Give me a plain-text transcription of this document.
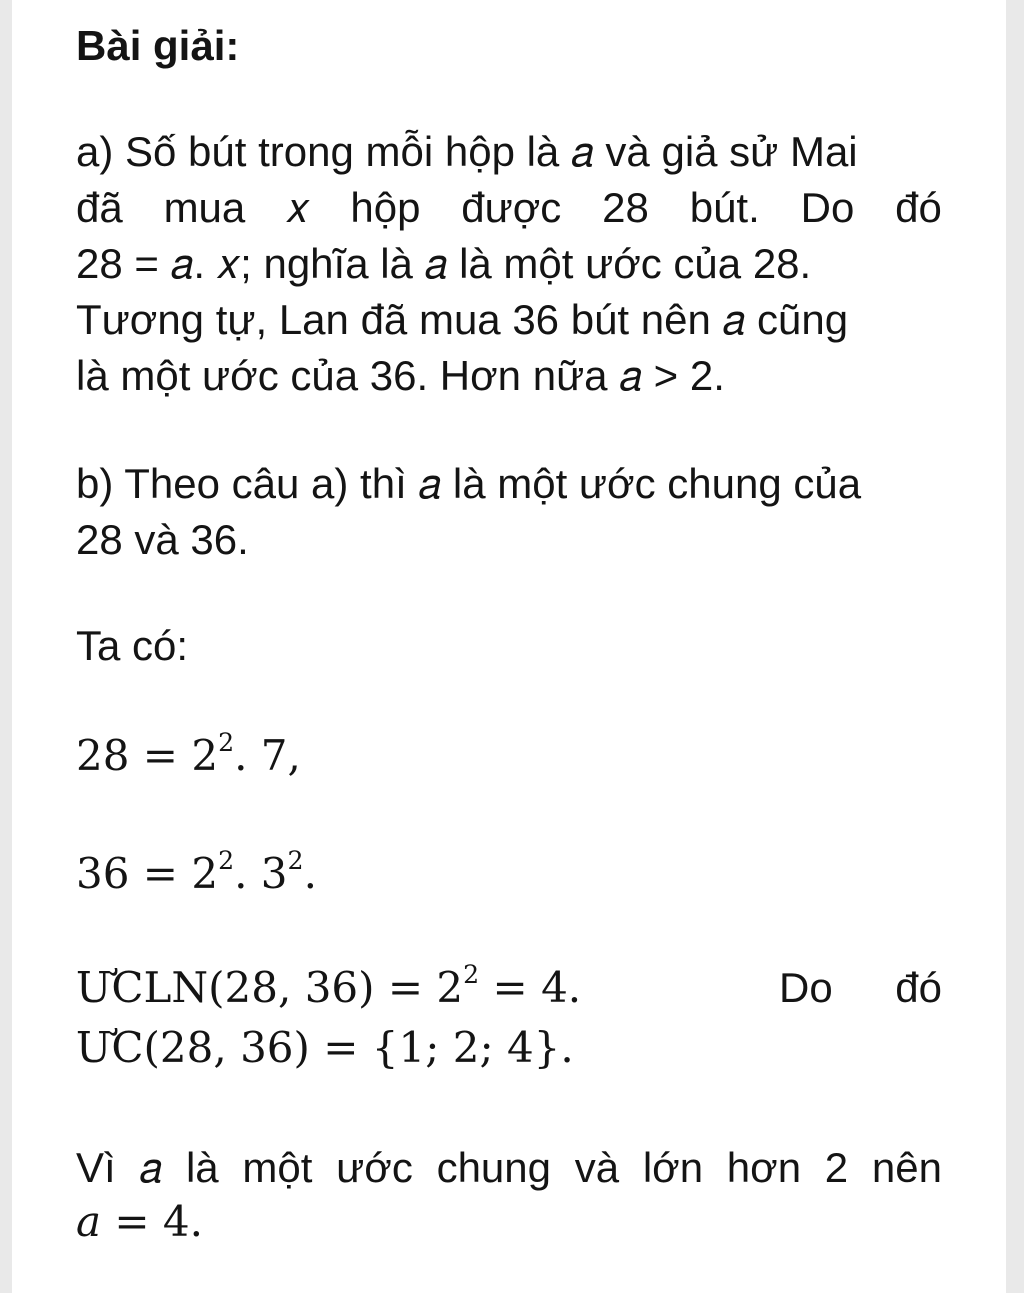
Bài giải:
a) Số bút trong mỗi hộp là 𝑎 và giả sử Mai
đã mua 𝑥 hộp được 28 bút. Do đó
28 = 𝑎. 𝑥; nghĩa là 𝑎 là một ước của 28.
Tương tự, Lan đã mua 36 bút nên 𝑎 cũng
là một ước của 36. Hơn nữa 𝑎 > 2.
b) Theo câu a) thì 𝑎 là một ước chung của
28 và 36.
Ta có:
$28 = 2^2$. 7,
$36 = 2^2$. $3^2$.
ƯCLN(28, $36) = 2^2 = 4$.	Do đó
ƯC(28, 36) = {1; 2; 4}.
Vì 𝑎 là một ước chung và lớn hơn 2 nên
𝑎 = 4.
